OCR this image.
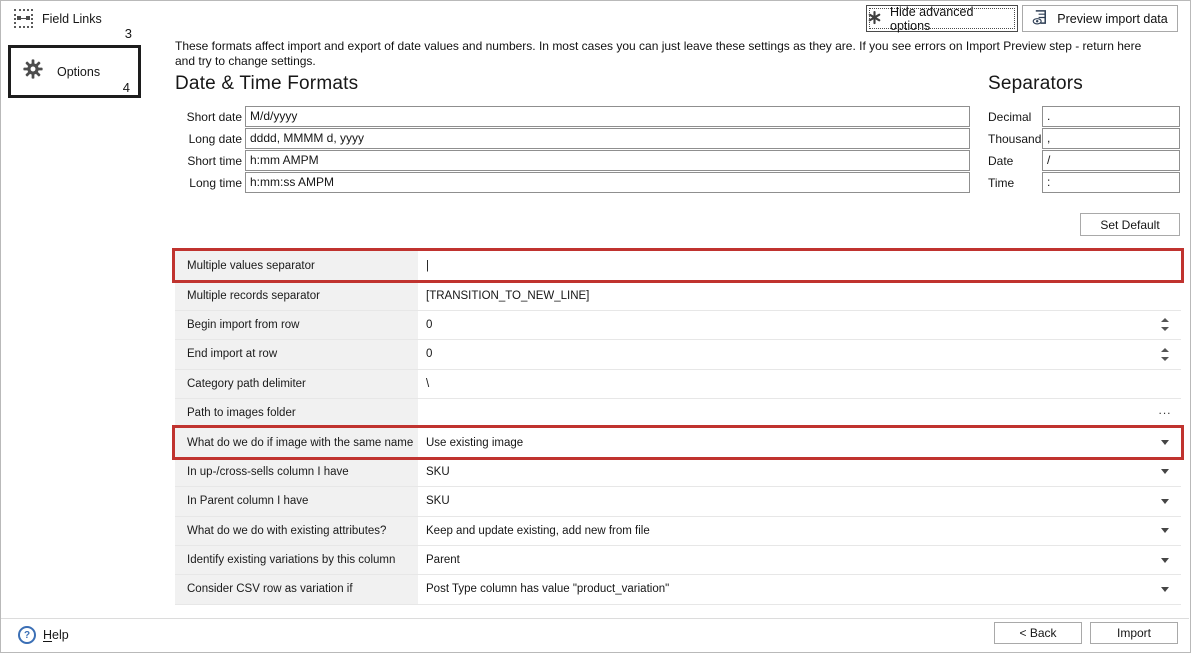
Field Links
3
Options
4
Hide advanced options	Preview import data
These formats affect import and export of date values and numbers. In most cases you can just leave these settings as they are. If you see errors on Import Preview step - return here and try to change settings.
Date & Time Formats	Separators
Short date M/d/yyyy
Long date dddd, MMMM d, yyyy
Short time h:mm AMPM
Long time h:mm:ss AMPM
Decimal	.
Thousand ,
Date	/
Time	:
Set Default
Multiple values separator	|
Multiple records separator	[TRANSITION_TO_NEW_LINE]
Begin import from row	0
End import at row	0
Category path delimiter	\
Path to images folder	...
What do we do if image with the same name	Use existing image
In up-/cross-sells column I have	SKU
In Parent column I have	SKU
What do we do with existing attributes?	Keep and update existing, add new from file
Identify existing variations by this column	Parent
Consider CSV row as variation if	Post Type column has value "product_variation"
?	Help	< Back	Import
